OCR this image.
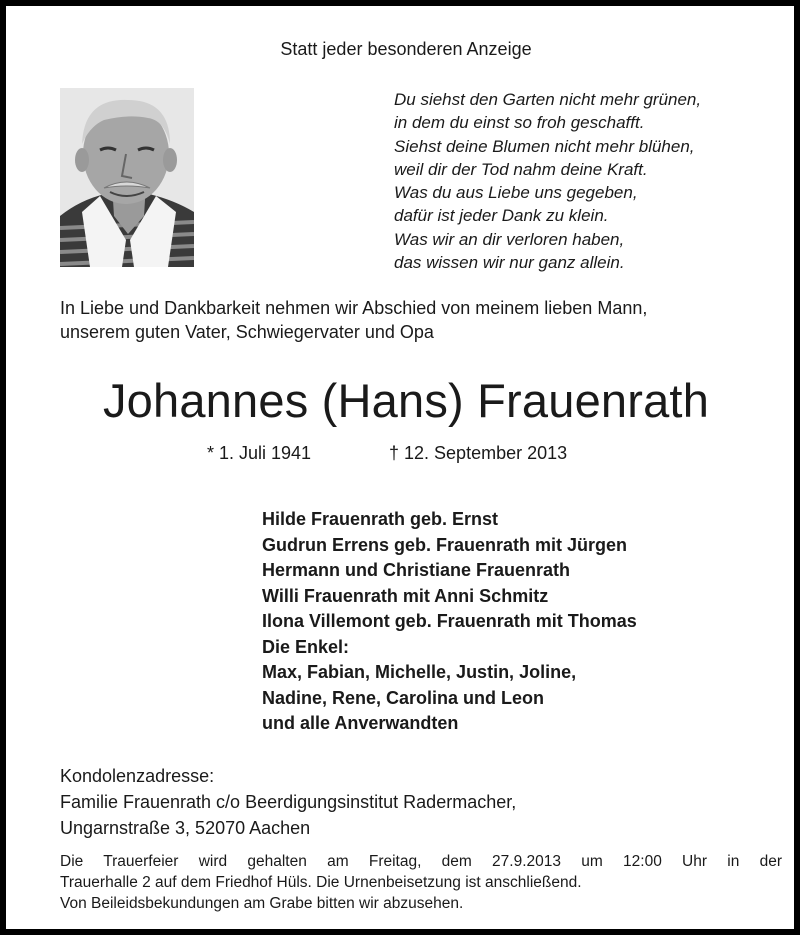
Statt jeder besonderen Anzeige
Du siehst den Garten nicht mehr grünen,
in dem du einst so froh geschafft.
Siehst deine Blumen nicht mehr blühen,
weil dir der Tod nahm deine Kraft.
Was du aus Liebe uns gegeben,
dafür ist jeder Dank zu klein.
Was wir an dir verloren haben,
das wissen wir nur ganz allein.
In Liebe und Dankbarkeit nehmen wir Abschied von meinem lieben Mann,
unserem guten Vater, Schwiegervater und Opa
Johannes (Hans) Frauenrath
* 1. Juli 1941	† 12. September 2013
Hilde Frauenrath geb. Ernst
Gudrun Errens geb. Frauenrath mit Jürgen
Hermann und Christiane Frauenrath
Willi Frauenrath mit Anni Schmitz
Ilona Villemont geb. Frauenrath mit Thomas
Die Enkel:
Max, Fabian, Michelle, Justin, Joline,
Nadine, Rene, Carolina und Leon
und alle Anverwandten
Kondolenzadresse:
Familie Frauenrath c/o Beerdigungsinstitut Radermacher,
Ungarnstraße 3, 52070 Aachen
Die Trauerfeier wird gehalten am Freitag, dem 27.9.2013 um 12:00 Uhr in der
Trauerhalle 2 auf dem Friedhof Hüls. Die Urnenbeisetzung ist anschließend.
Von Beileidsbekundungen am Grabe bitten wir abzusehen.
